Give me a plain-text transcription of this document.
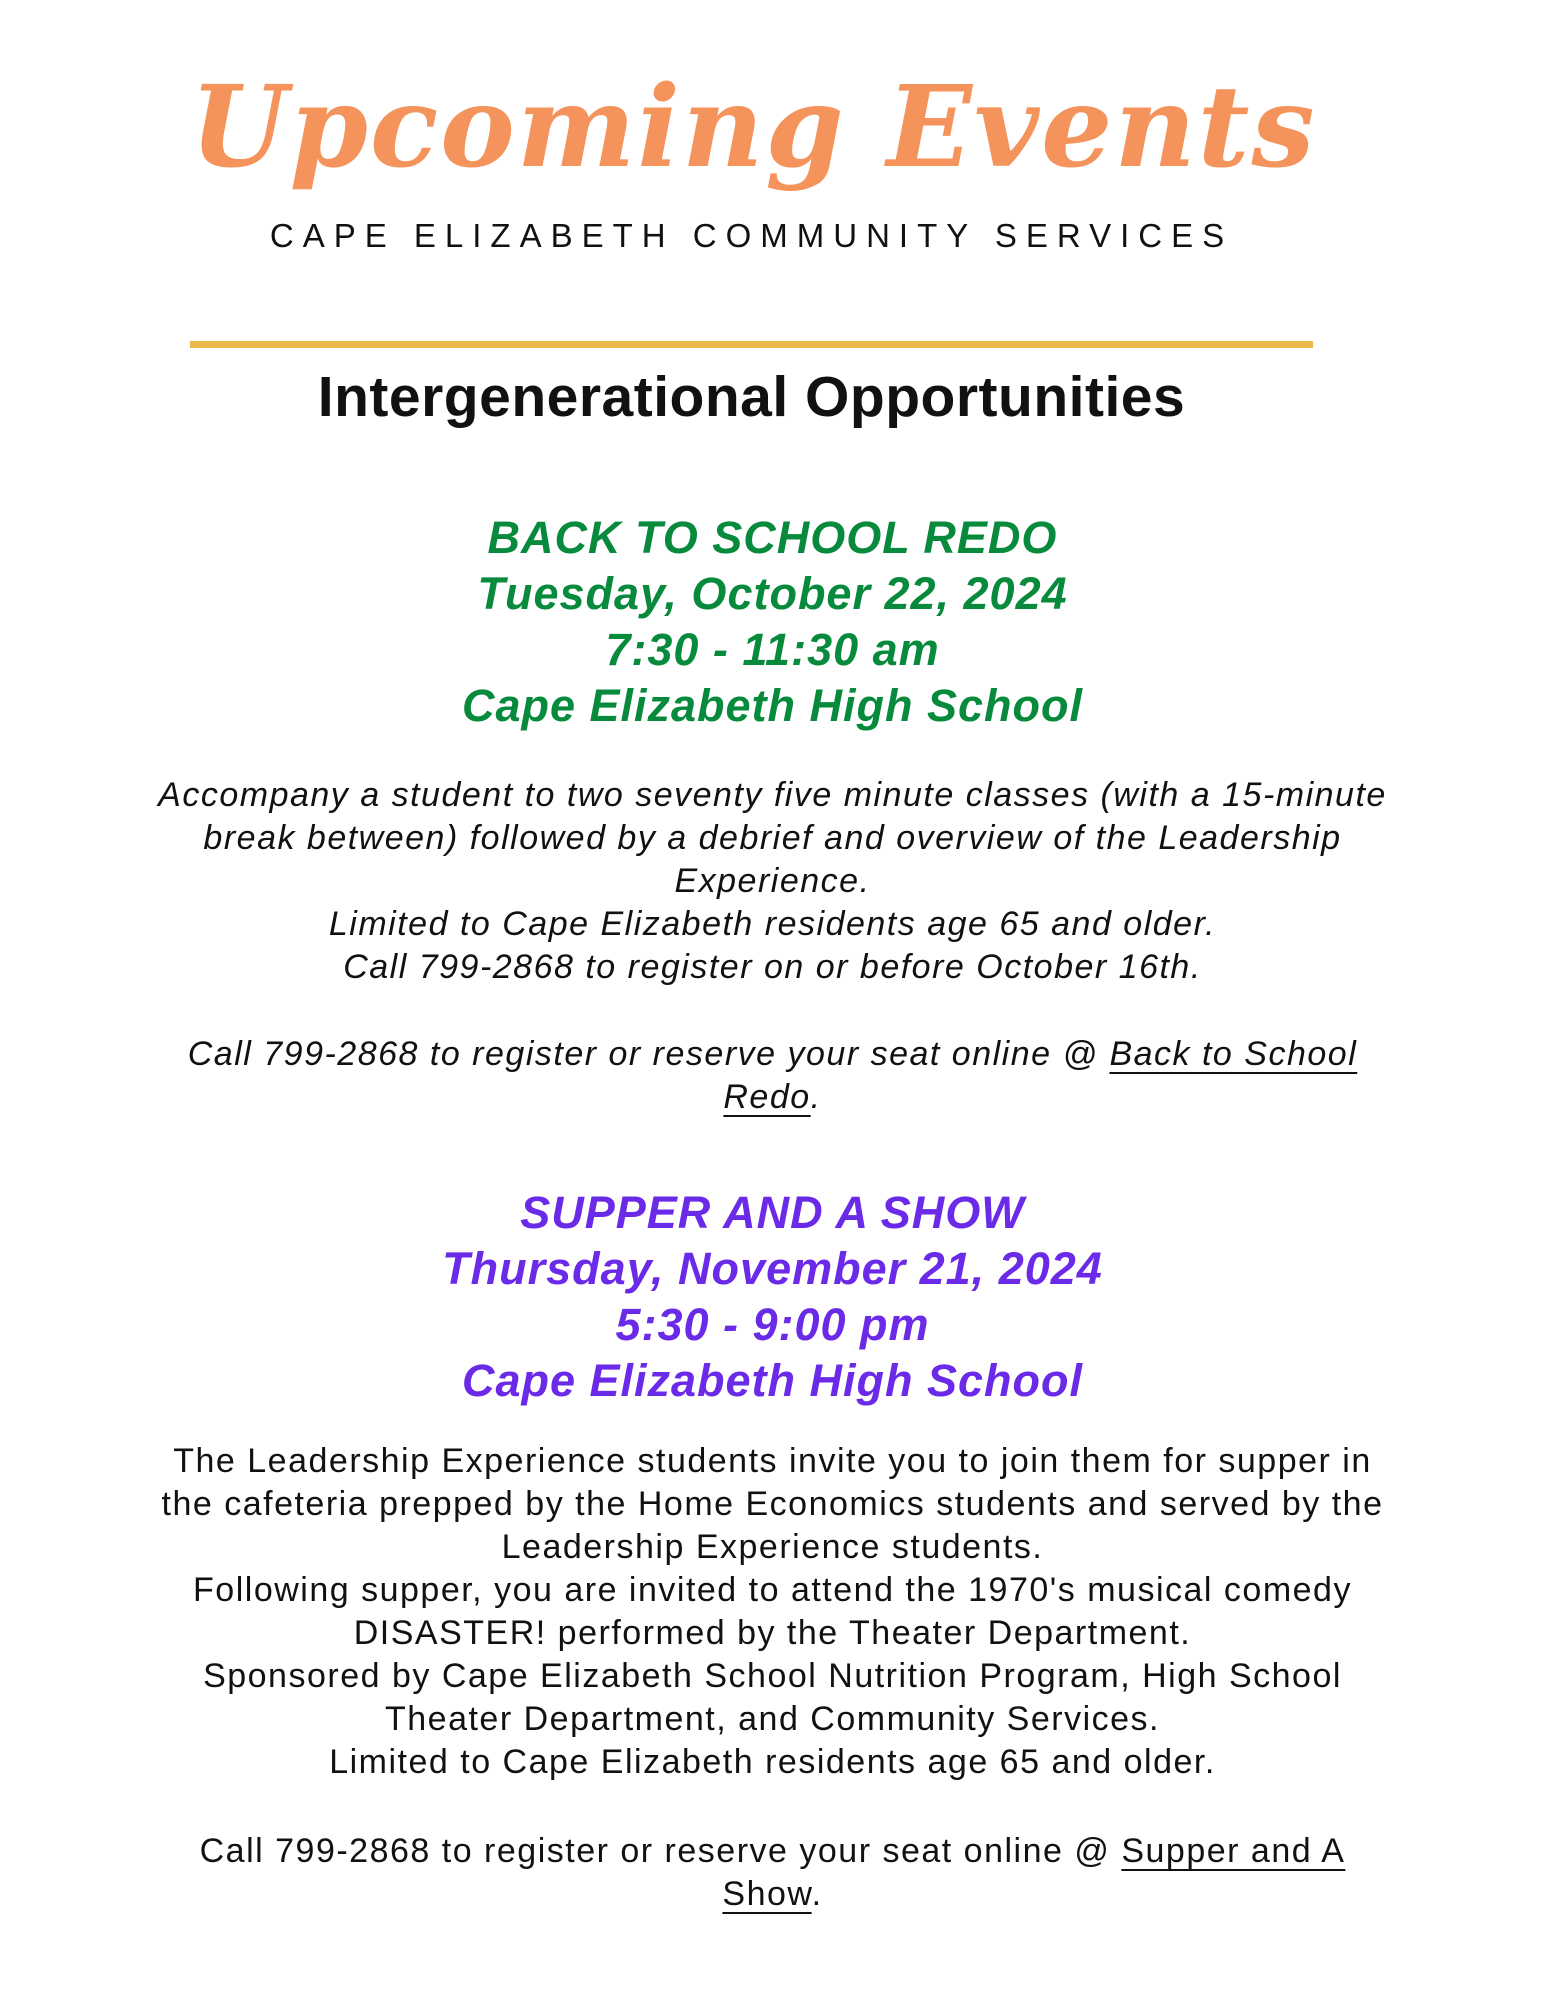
Upcoming Events
CAPE ELIZABETH COMMUNITY SERVICES
Intergenerational Opportunities
BACK TO SCHOOL REDO
Tuesday, October 22, 2024
7:30 - 11:30 am
Cape Elizabeth High School
Accompany a student to two seventy five minute classes (with a 15-minute
break between) followed by a debrief and overview of the Leadership
Experience.
Limited to Cape Elizabeth residents age 65 and older.
Call 799-2868 to register on or before October 16th.
Call 799-2868 to register or reserve your seat online @ Back to School
Redo.
SUPPER AND A SHOW
Thursday, November 21, 2024
5:30 - 9:00 pm
Cape Elizabeth High School
The Leadership Experience students invite you to join them for supper in
the cafeteria prepped by the Home Economics students and served by the
Leadership Experience students.
Following supper, you are invited to attend the 1970's musical comedy
DISASTER! performed by the Theater Department.
Sponsored by Cape Elizabeth School Nutrition Program, High School
Theater Department, and Community Services.
Limited to Cape Elizabeth residents age 65 and older.
Call 799-2868 to register or reserve your seat online @ Supper and A
Show.
